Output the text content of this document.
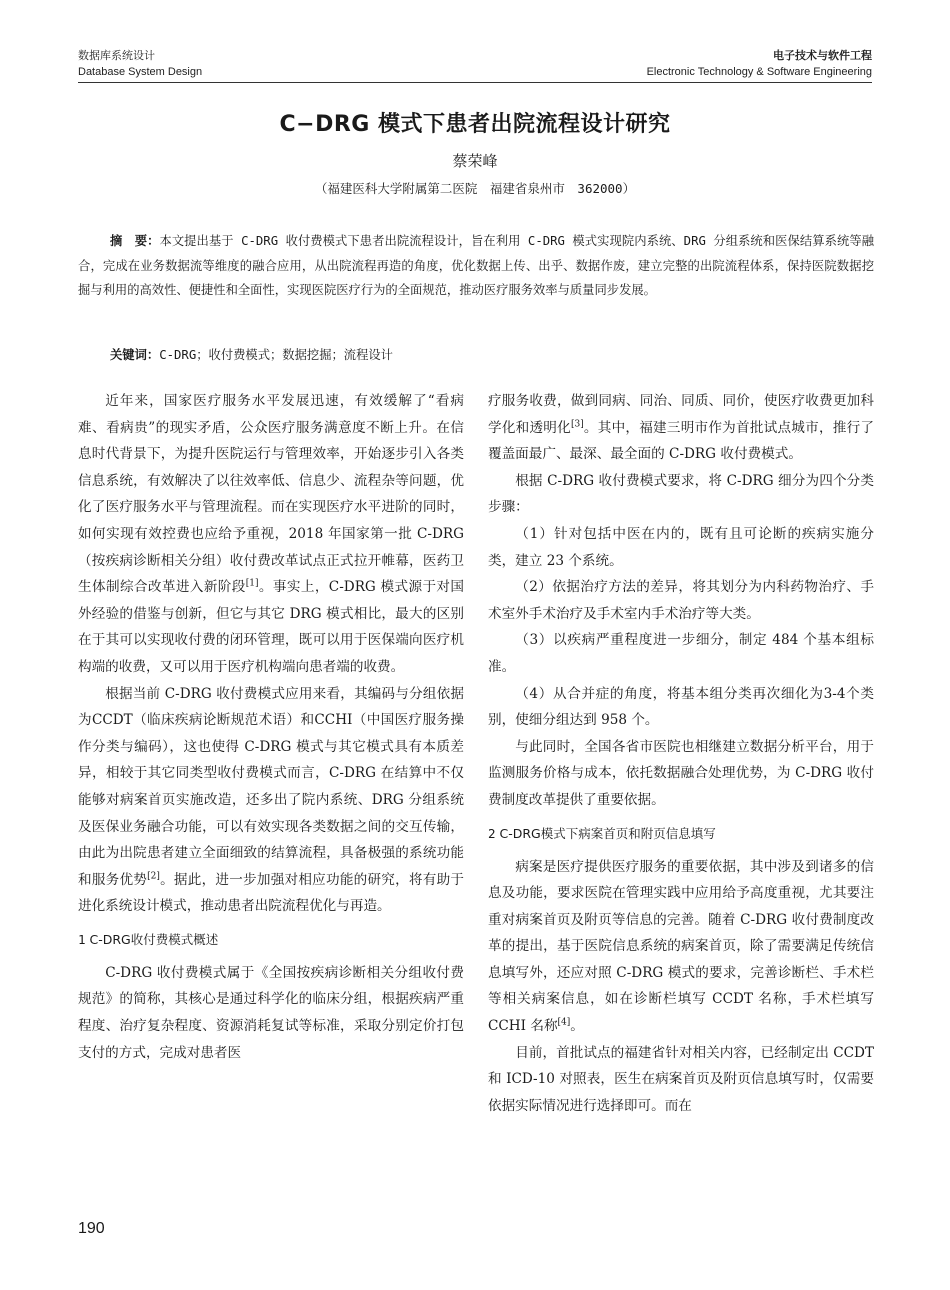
数据库系统设计
Database System Design
电子技术与软件工程
Electronic Technology & Software Engineering
C−DRG 模式下患者出院流程设计研究
蔡荣峰
（福建医科大学附属第二医院　福建省泉州市　362000）
摘　要：本文提出基于 C-DRG 收付费模式下患者出院流程设计，旨在利用 C-DRG 模式实现院内系统、DRG 分组系统和医保结算系统等融合，完成在业务数据流等维度的融合应用，从出院流程再造的角度，优化数据上传、出乎、数据作废，建立完整的出院流程体系，保持医院数据挖掘与利用的高效性、便捷性和全面性，实现医院医疗行为的全面规范，推动医疗服务效率与质量同步发展。
关键词：C-DRG；收付费模式；数据挖掘；流程设计

近年来，国家医疗服务水平发展迅速，有效缓解了“看病难、看病贵”的现实矛盾，公众医疗服务满意度不断上升。在信息时代背景下，为提升医院运行与管理效率，开始逐步引入各类信息系统，有效解决了以往效率低、信息少、流程杂等问题，优化了医疗服务水平与管理流程。而在实现医疗水平进阶的同时，如何实现有效控费也应给予重视，2018 年国家第一批 C-DRG（按疾病诊断相关分组）收付费改革试点正式拉开帷幕，医药卫生体制综合改革进入新阶段[1]。事实上，C-DRG 模式源于对国外经验的借鉴与创新，但它与其它 DRG 模式相比，最大的区别在于其可以实现收付费的闭环管理，既可以用于医保端向医疗机构端的收费，又可以用于医疗机构端向患者端的收费。

根据当前 C-DRG 收付费模式应用来看，其编码与分组依据为CCDT（临床疾病论断规范术语）和CCHI（中国医疗服务操作分类与编码），这也使得 C-DRG 模式与其它模式具有本质差异，相较于其它同类型收付费模式而言，C-DRG 在结算中不仅能够对病案首页实施改造，还多出了院内系统、DRG 分组系统及医保业务融合功能，可以有效实现各类数据之间的交互传输，由此为出院患者建立全面细致的结算流程，具备极强的系统功能和服务优势[2]。据此，进一步加强对相应功能的研究，将有助于进化系统设计模式，推动患者出院流程优化与再造。

1 C-DRG收付费模式概述

C-DRG 收付费模式属于《全国按疾病诊断相关分组收付费规范》的简称，其核心是通过科学化的临床分组，根据疾病严重程度、治疗复杂程度、资源消耗复试等标准，采取分别定价打包支付的方式，完成对患者医

疗服务收费，做到同病、同治、同质、同价，使医疗收费更加科学化和透明化[3]。其中，福建三明市作为首批试点城市，推行了覆盖面最广、最深、最全面的 C-DRG 收付费模式。

根据 C-DRG 收付费模式要求，将 C-DRG 细分为四个分类步骤：

（1）针对包括中医在内的，既有且可论断的疾病实施分类，建立 23 个系统。

（2）依据治疗方法的差异，将其划分为内科药物治疗、手术室外手术治疗及手术室内手术治疗等大类。

（3）以疾病严重程度进一步细分，制定 484 个基本组标准。

（4）从合并症的角度，将基本组分类再次细化为3-4个类别，使细分组达到 958 个。

与此同时，全国各省市医院也相继建立数据分析平台，用于监测服务价格与成本，依托数据融合处理优势，为 C-DRG 收付费制度改革提供了重要依据。

2 C-DRG模式下病案首页和附页信息填写

病案是医疗提供医疗服务的重要依据，其中涉及到诸多的信息及功能，要求医院在管理实践中应用给予高度重视，尤其要注重对病案首页及附页等信息的完善。随着 C-DRG 收付费制度改革的提出，基于医院信息系统的病案首页，除了需要满足传统信息填写外，还应对照 C-DRG 模式的要求，完善诊断栏、手术栏等相关病案信息，如在诊断栏填写 CCDT 名称，手术栏填写 CCHI 名称[4]。

目前，首批试点的福建省针对相关内容，已经制定出 CCDT 和 ICD-10 对照表，医生在病案首页及附页信息填写时，仅需要依据实际情况进行选择即可。而在

190
